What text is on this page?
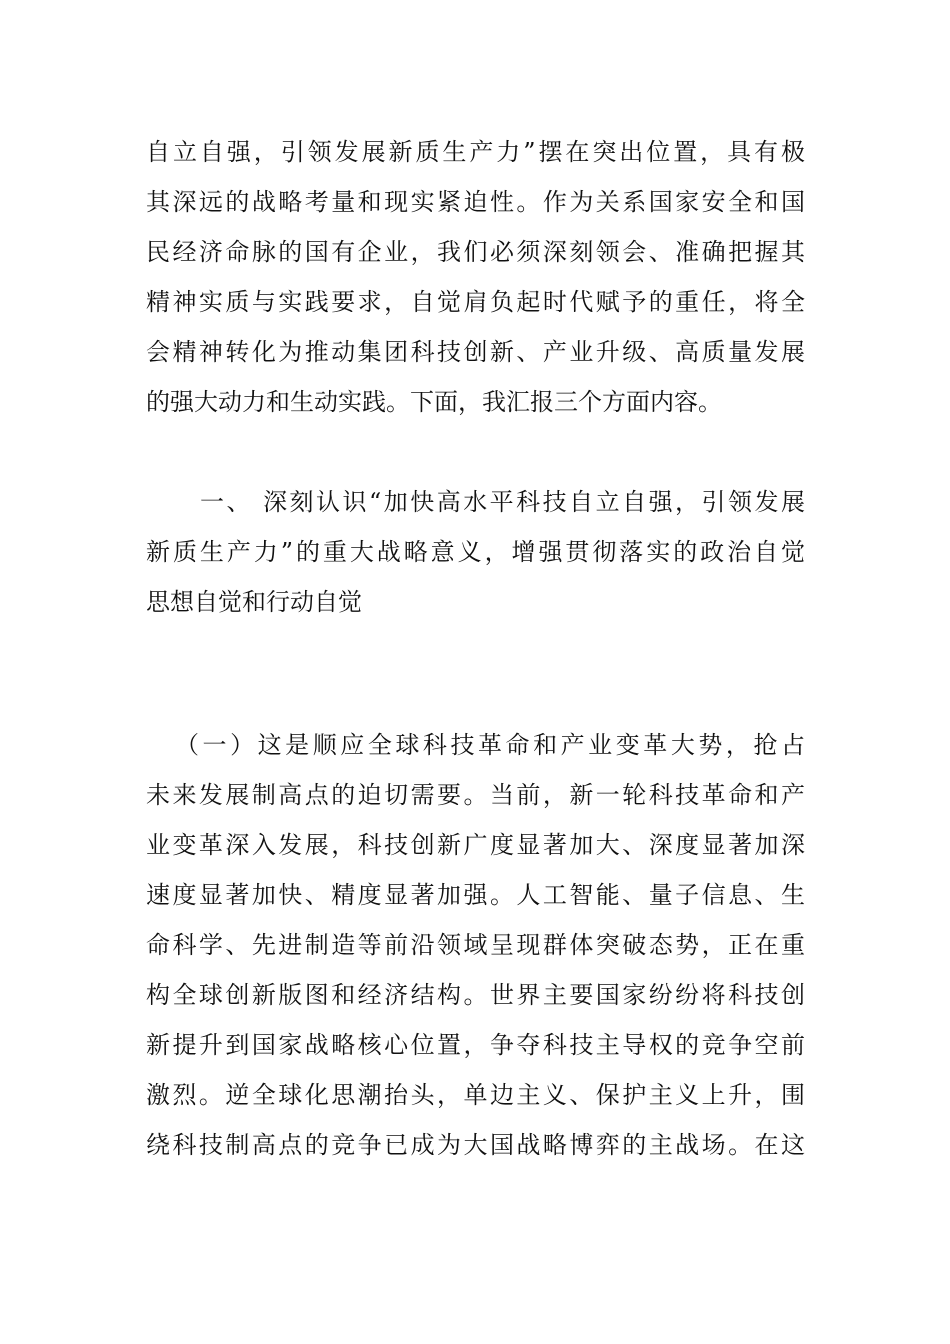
自立自强，引领发展新质生产力”摆在突出位置，具有极
其深远的战略考量和现实紧迫性。作为关系国家安全和国
民经济命脉的国有企业，我们必须深刻领会、准确把握其
精神实质与实践要求，自觉肩负起时代赋予的重任，将全
会精神转化为推动集团科技创新、产业升级、高质量发展
的强大动力和生动实践。下面，我汇报三个方面内容。
一、 深刻认识“加快高水平科技自立自强，引领发展
新质生产力”的重大战略意义，增强贯彻落实的政治自觉
思想自觉和行动自觉
（一）这是顺应全球科技革命和产业变革大势，抢占
未来发展制高点的迫切需要。当前，新一轮科技革命和产
业变革深入发展，科技创新广度显著加大、深度显著加深
速度显著加快、精度显著加强。人工智能、量子信息、生
命科学、先进制造等前沿领域呈现群体突破态势，正在重
构全球创新版图和经济结构。世界主要国家纷纷将科技创
新提升到国家战略核心位置，争夺科技主导权的竞争空前
激烈。逆全球化思潮抬头，单边主义、保护主义上升，围
绕科技制高点的竞争已成为大国战略博弈的主战场。在这
